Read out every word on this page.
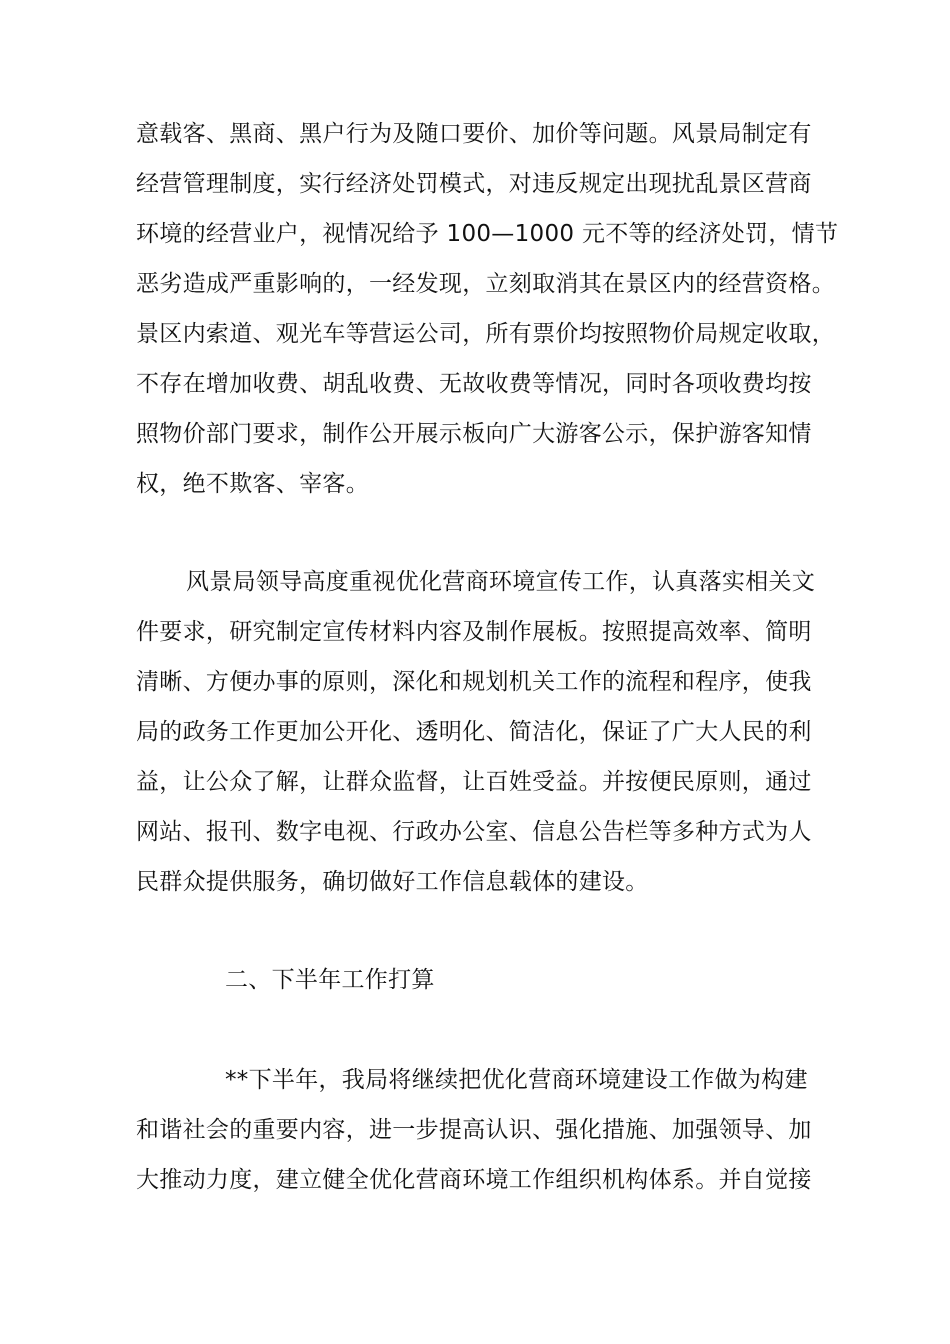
意载客、黑商、黑户行为及随口要价、加价等问题。风景局制定有
经营管理制度，实行经济处罚模式，对违反规定出现扰乱景区营商
环境的经营业户，视情况给予 100—1000 元不等的经济处罚，情节
恶劣造成严重影响的，一经发现，立刻取消其在景区内的经营资格。
景区内索道、观光车等营运公司，所有票价均按照物价局规定收取，
不存在增加收费、胡乱收费、无故收费等情况，同时各项收费均按
照物价部门要求，制作公开展示板向广大游客公示，保护游客知情
权，绝不欺客、宰客。
风景局领导高度重视优化营商环境宣传工作，认真落实相关文
件要求，研究制定宣传材料内容及制作展板。按照提高效率、简明
清晰、方便办事的原则，深化和规划机关工作的流程和程序，使我
局的政务工作更加公开化、透明化、简洁化，保证了广大人民的利
益，让公众了解，让群众监督，让百姓受益。并按便民原则，通过
网站、报刊、数字电视、行政办公室、信息公告栏等多种方式为人
民群众提供服务，确切做好工作信息载体的建设。
二、下半年工作打算
**下半年，我局将继续把优化营商环境建设工作做为构建
和谐社会的重要内容，进一步提高认识、强化措施、加强领导、加
大推动力度，建立健全优化营商环境工作组织机构体系。并自觉接
